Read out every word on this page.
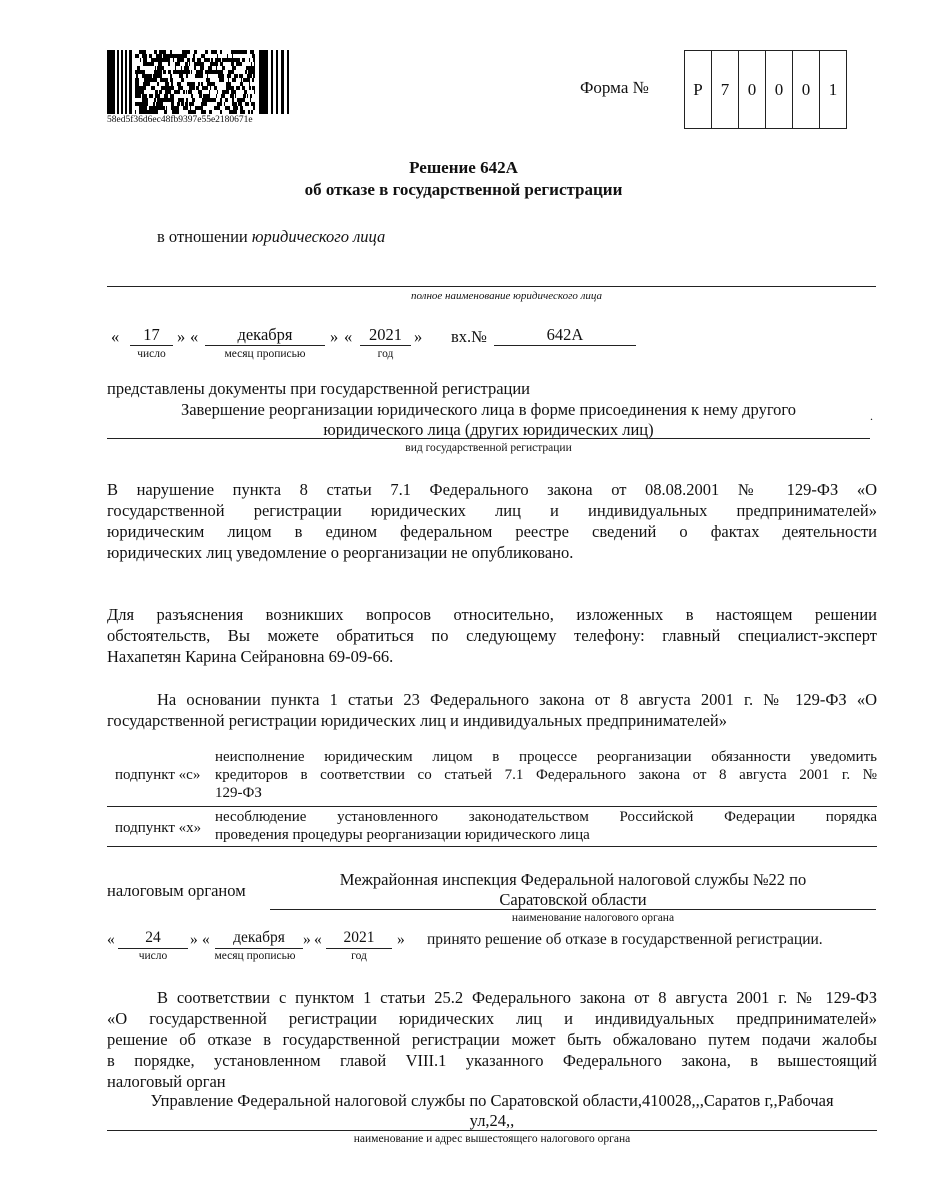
58ed5f36d6ec48fb9397e55e2180671e
Форма №	Р	7	0	0	0	1
Решение 642А
об отказе в государственной регистрации
в отношении юридического лица
полное наименование юридического лица
«	17	» «	декабря	» «	2021 »
число	месяц прописью	год
вх.№	642А
представлены документы при государственной регистрации
Завершение реорганизации юридического лица в форме присоединения к нему другого
юридического лица (других юридических лиц)
.
вид государственной регистрации
В нарушение пункта 8 статьи 7.1 Федерального закона от 08.08.2001 № 129-ФЗ «О
государственной регистрации юридических лиц и индивидуальных предпринимателей»
юридическим лицом в едином федеральном реестре сведений о фактах деятельности
юридических лиц уведомление о реорганизации не опубликовано.
Для разъяснения возникших вопросов относительно, изложенных в настоящем решении
обстоятельств, Вы можете обратиться по следующему телефону: главный специалист-эксперт
Нахапетян Карина Сейрановна 69-09-66.
На основании пункта 1 статьи 23 Федерального закона от 8 августа 2001 г. № 129-ФЗ «О
государственной регистрации юридических лиц и индивидуальных предпринимателей»
подпункт «с»
неисполнение юридическим лицом в процессе реорганизации обязанности уведомить
кредиторов в соответствии со статьей 7.1 Федерального закона от 8 августа 2001 г. №
129-ФЗ
подпункт «х»
несоблюдение установленного законодательством Российской Федерации порядка
проведения процедуры реорганизации юридического лица
налоговым органом
Межрайонная инспекция Федеральной налоговой службы №22 по
Саратовской области
наименование налогового органа
«	24	» «	декабря	» «	2021	»
число	месяц прописью	год
принято решение об отказе в государственной регистрации.
В соответствии с пунктом 1 статьи 25.2 Федерального закона от 8 августа 2001 г. № 129-ФЗ
«О государственной регистрации юридических лиц и индивидуальных предпринимателей»
решение об отказе в государственной регистрации может быть обжаловано путем подачи жалобы
в порядке, установленном главой VIII.1 указанного Федерального закона, в вышестоящий
налоговый орган
Управление Федеральной налоговой службы по Саратовской области,410028,,,Саратов г,,Рабочая
ул,24,,
наименование и адрес вышестоящего налогового органа
